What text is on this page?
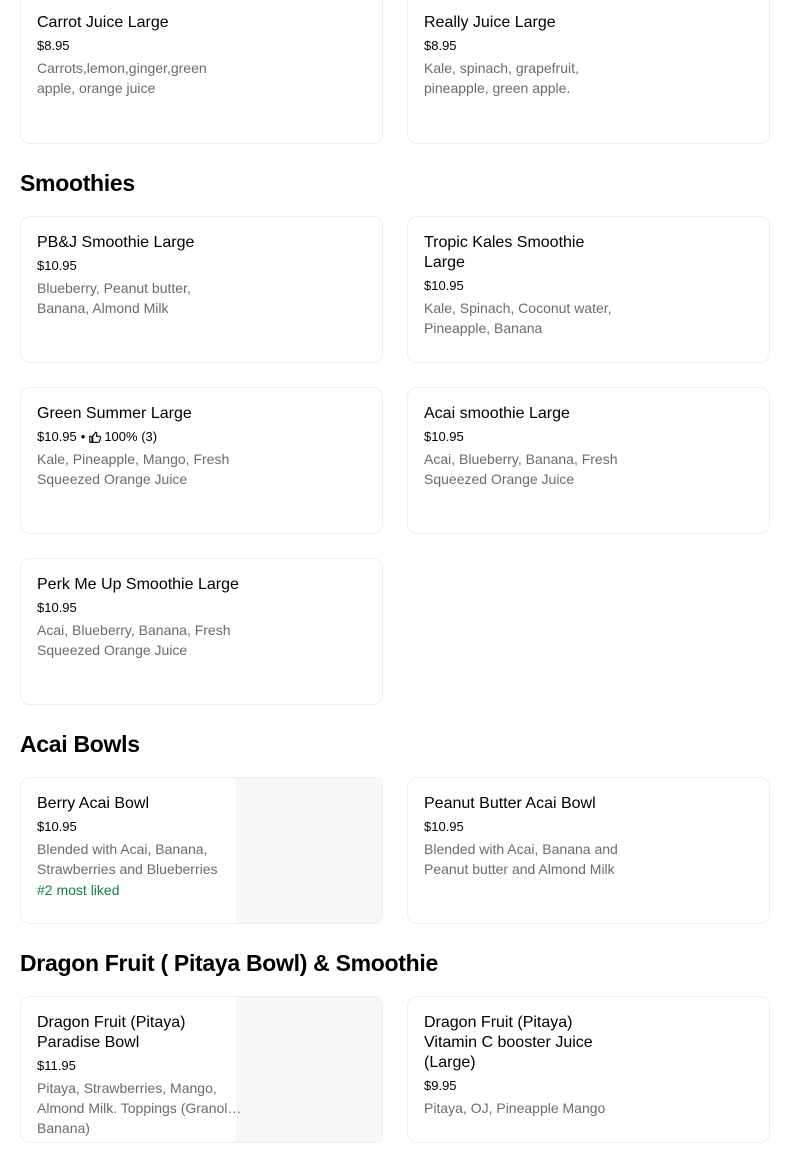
Carrot Juice Large
$8.95
Carrots,lemon,ginger,green apple, orange juice
Really Juice Large
$8.95
Kale, spinach, grapefruit, pineapple, green apple.
Smoothies
PB&J Smoothie Large
$10.95
Blueberry, Peanut butter, Banana, Almond Milk
Tropic Kales Smoothie Large
$10.95
Kale, Spinach, Coconut water, Pineapple, Banana
Green Summer Large
$10.95 • 100% (3)
Kale, Pineapple, Mango, Fresh Squeezed Orange Juice
Acai smoothie Large
$10.95
Acai, Blueberry, Banana, Fresh Squeezed Orange Juice
Perk Me Up Smoothie Large
$10.95
Acai, Blueberry, Banana, Fresh Squeezed Orange Juice
Acai Bowls
Berry Acai Bowl
$10.95
Blended with Acai, Banana, Strawberries and Blueberries
#2 most liked
Peanut Butter Acai Bowl
$10.95
Blended with Acai, Banana and Peanut butter and Almond Milk
Dragon Fruit ( Pitaya Bowl) & Smoothie
Dragon Fruit (Pitaya) Paradise Bowl
$11.95
Pitaya, Strawberries, Mango, Almond Milk. Toppings (Granola, Banana)
Dragon Fruit (Pitaya) Vitamin C booster Juice (Large)
$9.95
Pitaya, OJ, Pineapple Mango
